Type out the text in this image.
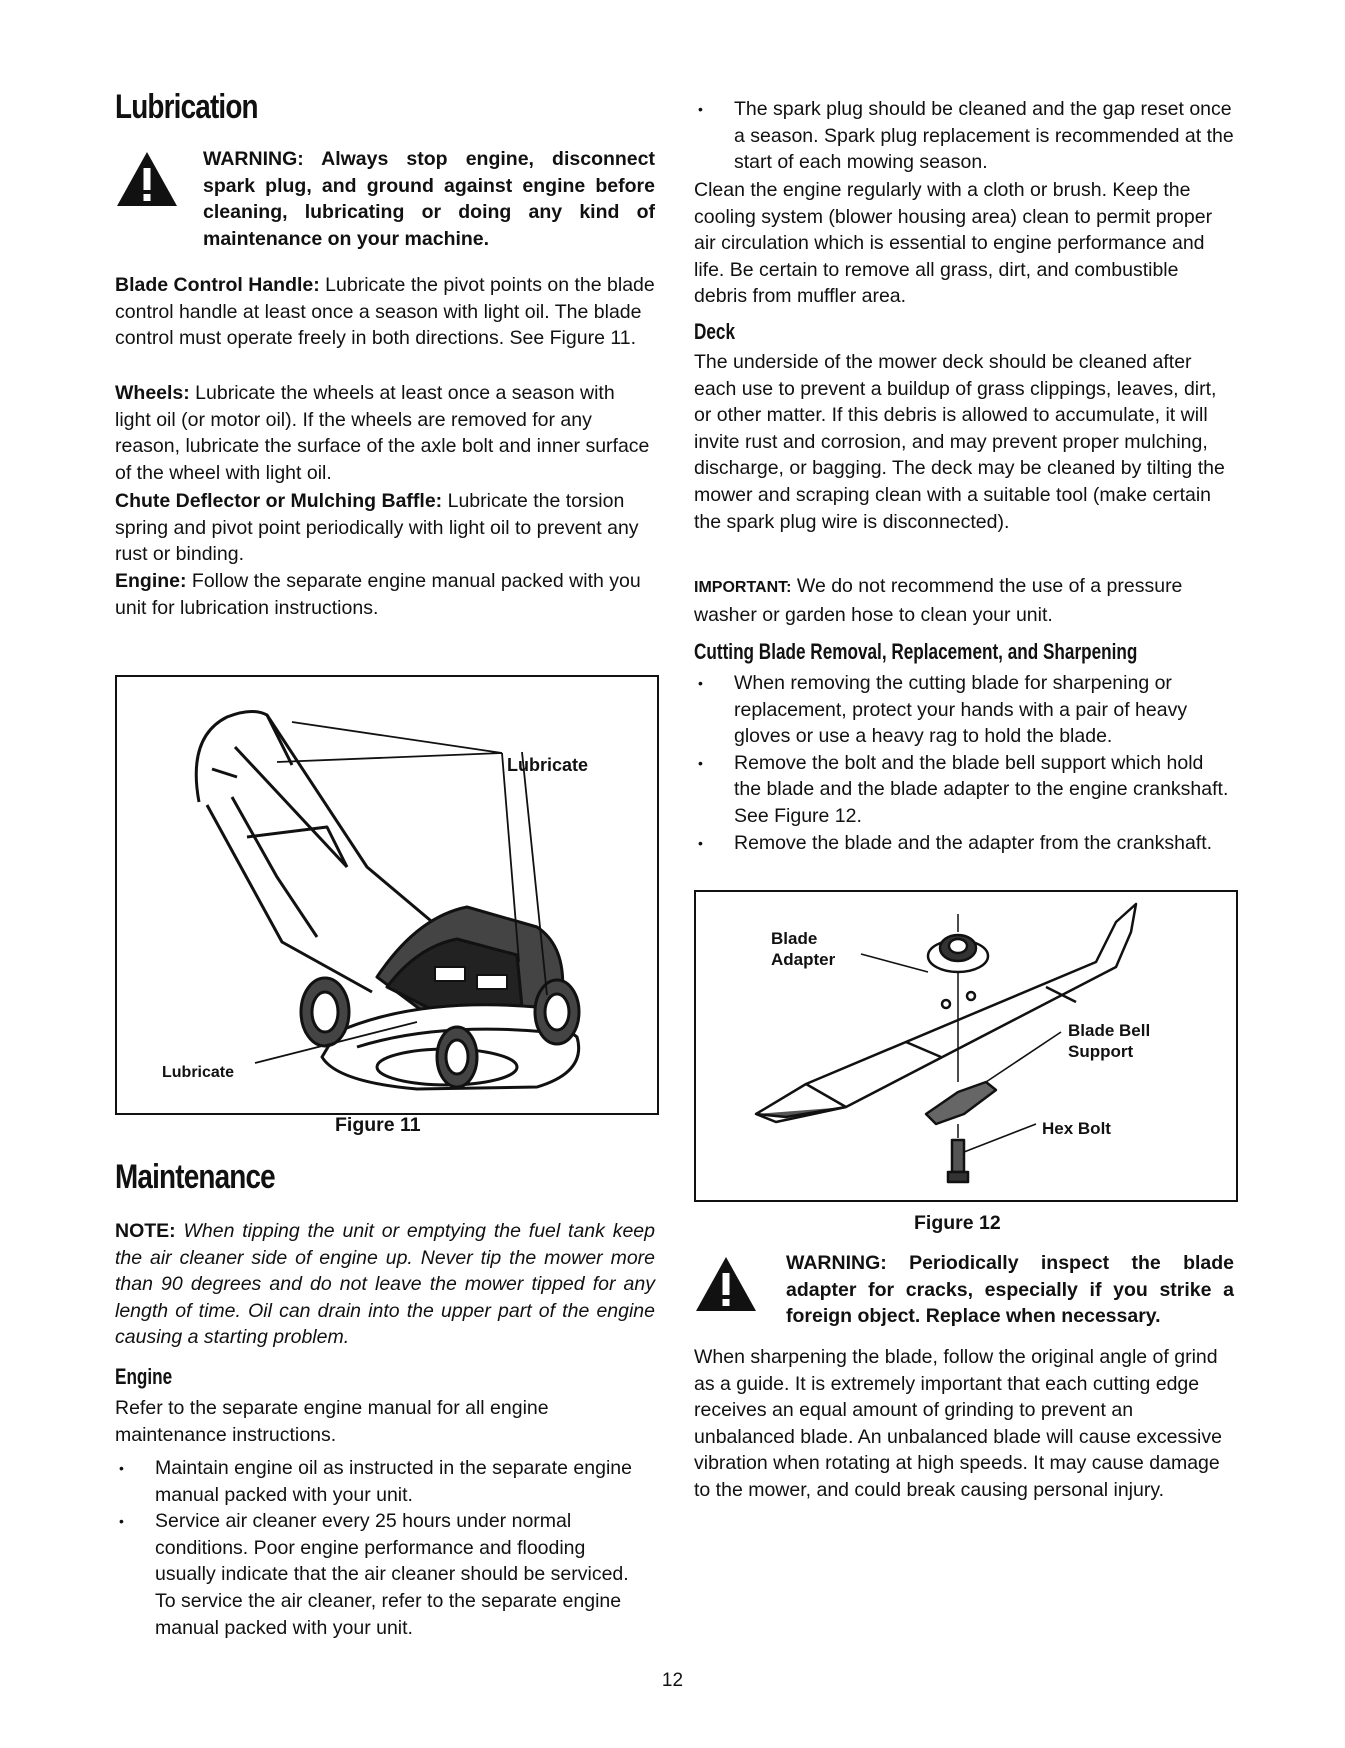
Lubrication
WARNING: Always stop engine, disconnect spark plug, and ground against engine before cleaning, lubricating or doing any kind of maintenance on your machine.

Blade Control Handle: Lubricate the pivot points on the blade control handle at least once a season with light oil. The blade control must operate freely in both directions. See Figure 11.

Wheels: Lubricate the wheels at least once a season with light oil (or motor oil). If the wheels are removed for any reason, lubricate the surface of the axle bolt and inner surface of the wheel with light oil.

Chute Deflector or Mulching Baffle: Lubricate the torsion spring and pivot point periodically with light oil to prevent any rust or binding.

Engine: Follow the separate engine manual packed with you unit for lubrication instructions.

Lubricate
Lubricate
Figure 11
Maintenance

NOTE: When tipping the unit or emptying the fuel tank keep the air cleaner side of engine up. Never tip the mower more than 90 degrees and do not leave the mower tipped for any length of time. Oil can drain into the upper part of the engine causing a starting problem.

Engine

Refer to the separate engine manual for all engine maintenance instructions.

• Maintain engine oil as instructed in the separate engine manual packed with your unit.
• Service air cleaner every 25 hours under normal conditions. Poor engine performance and flooding usually indicate that the air cleaner should be serviced. To service the air cleaner, refer to the separate engine manual packed with your unit.
• The spark plug should be cleaned and the gap reset once a season. Spark plug replacement is recommended at the start of each mowing season.

Clean the engine regularly with a cloth or brush. Keep the cooling system (blower housing area) clean to permit proper air circulation which is essential to engine performance and life. Be certain to remove all grass, dirt, and combustible debris from muffler area.

Deck

The underside of the mower deck should be cleaned after each use to prevent a buildup of grass clippings, leaves, dirt, or other matter. If this debris is allowed to accumulate, it will invite rust and corrosion, and may prevent proper mulching, discharge, or bagging. The deck may be cleaned by tilting the mower and scraping clean with a suitable tool (make certain the spark plug wire is disconnected).

IMPORTANT: We do not recommend the use of a pressure washer or garden hose to clean your unit.

Cutting Blade Removal, Replacement, and Sharpening
• When removing the cutting blade for sharpening or replacement, protect your hands with a pair of heavy gloves or use a heavy rag to hold the blade.
• Remove the bolt and the blade bell support which hold the blade and the blade adapter to the engine crankshaft. See Figure 12.
• Remove the blade and the adapter from the crankshaft.
Blade
Adapter
Blade Bell
Support
Hex Bolt
Figure 12
WARNING: Periodically inspect the blade adapter for cracks, especially if you strike a foreign object. Replace when necessary.

When sharpening the blade, follow the original angle of grind as a guide. It is extremely important that each cutting edge receives an equal amount of grinding to prevent an unbalanced blade. An unbalanced blade will cause excessive vibration when rotating at high speeds. It may cause damage to the mower, and could break causing personal injury.

12
